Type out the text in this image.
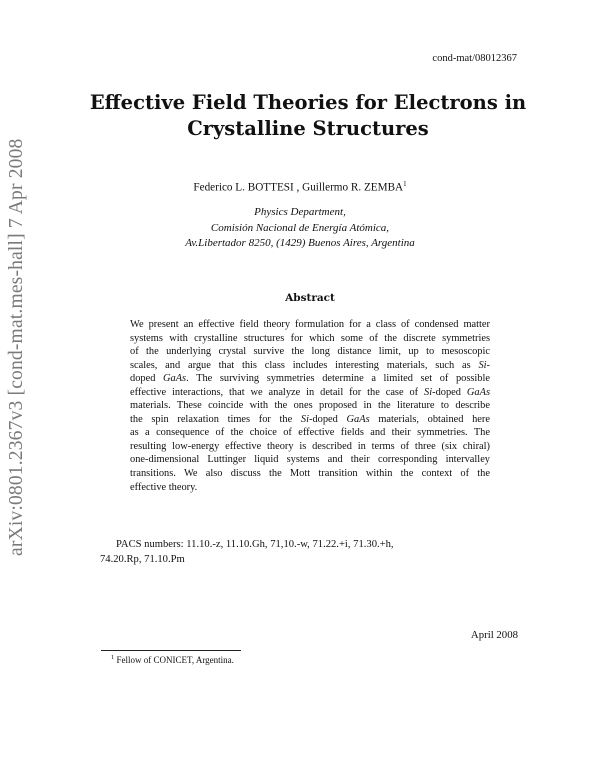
arXiv:0801.2367v3 [cond-mat.mes-hall] 7 Apr 2008
cond-mat/08012367
Effective Field Theories for Electrons in
Crystalline Structures
Federico L. BOTTESI , Guillermo R. ZEMBA$^1$
Physics Department,
Comisión Nacional de Energía Atómica,
Av.Libertador 8250, (1429) Buenos Aires, Argentina
Abstract
We present an effective field theory formulation for a class of condensed matter
systems with crystalline structures for which some of the discrete symmetries
of the underlying crystal survive the long distance limit, up to mesoscopic
scales, and argue that this class includes interesting materials, such as Si-
doped GaAs. The surviving symmetries determine a limited set of possible
effective interactions, that we analyze in detail for the case of Si-doped GaAs
materials. These coincide with the ones proposed in the literature to describe
the spin relaxation times for the Si-doped GaAs materials, obtained here
as a consequence of the choice of effective fields and their symmetries. The
resulting low-energy effective theory is described in terms of three (six chiral)
one-dimensional Luttinger liquid systems and their corresponding intervalley
transitions. We also discuss the Mott transition within the context of the
effective theory.
PACS numbers: 11.10.-z, 11.10.Gh, 71,10.-w, 71.22.+i, 71.30.+h,
74.20.Rp, 71.10.Pm
April 2008
$^1$ Fellow of CONICET, Argentina.
